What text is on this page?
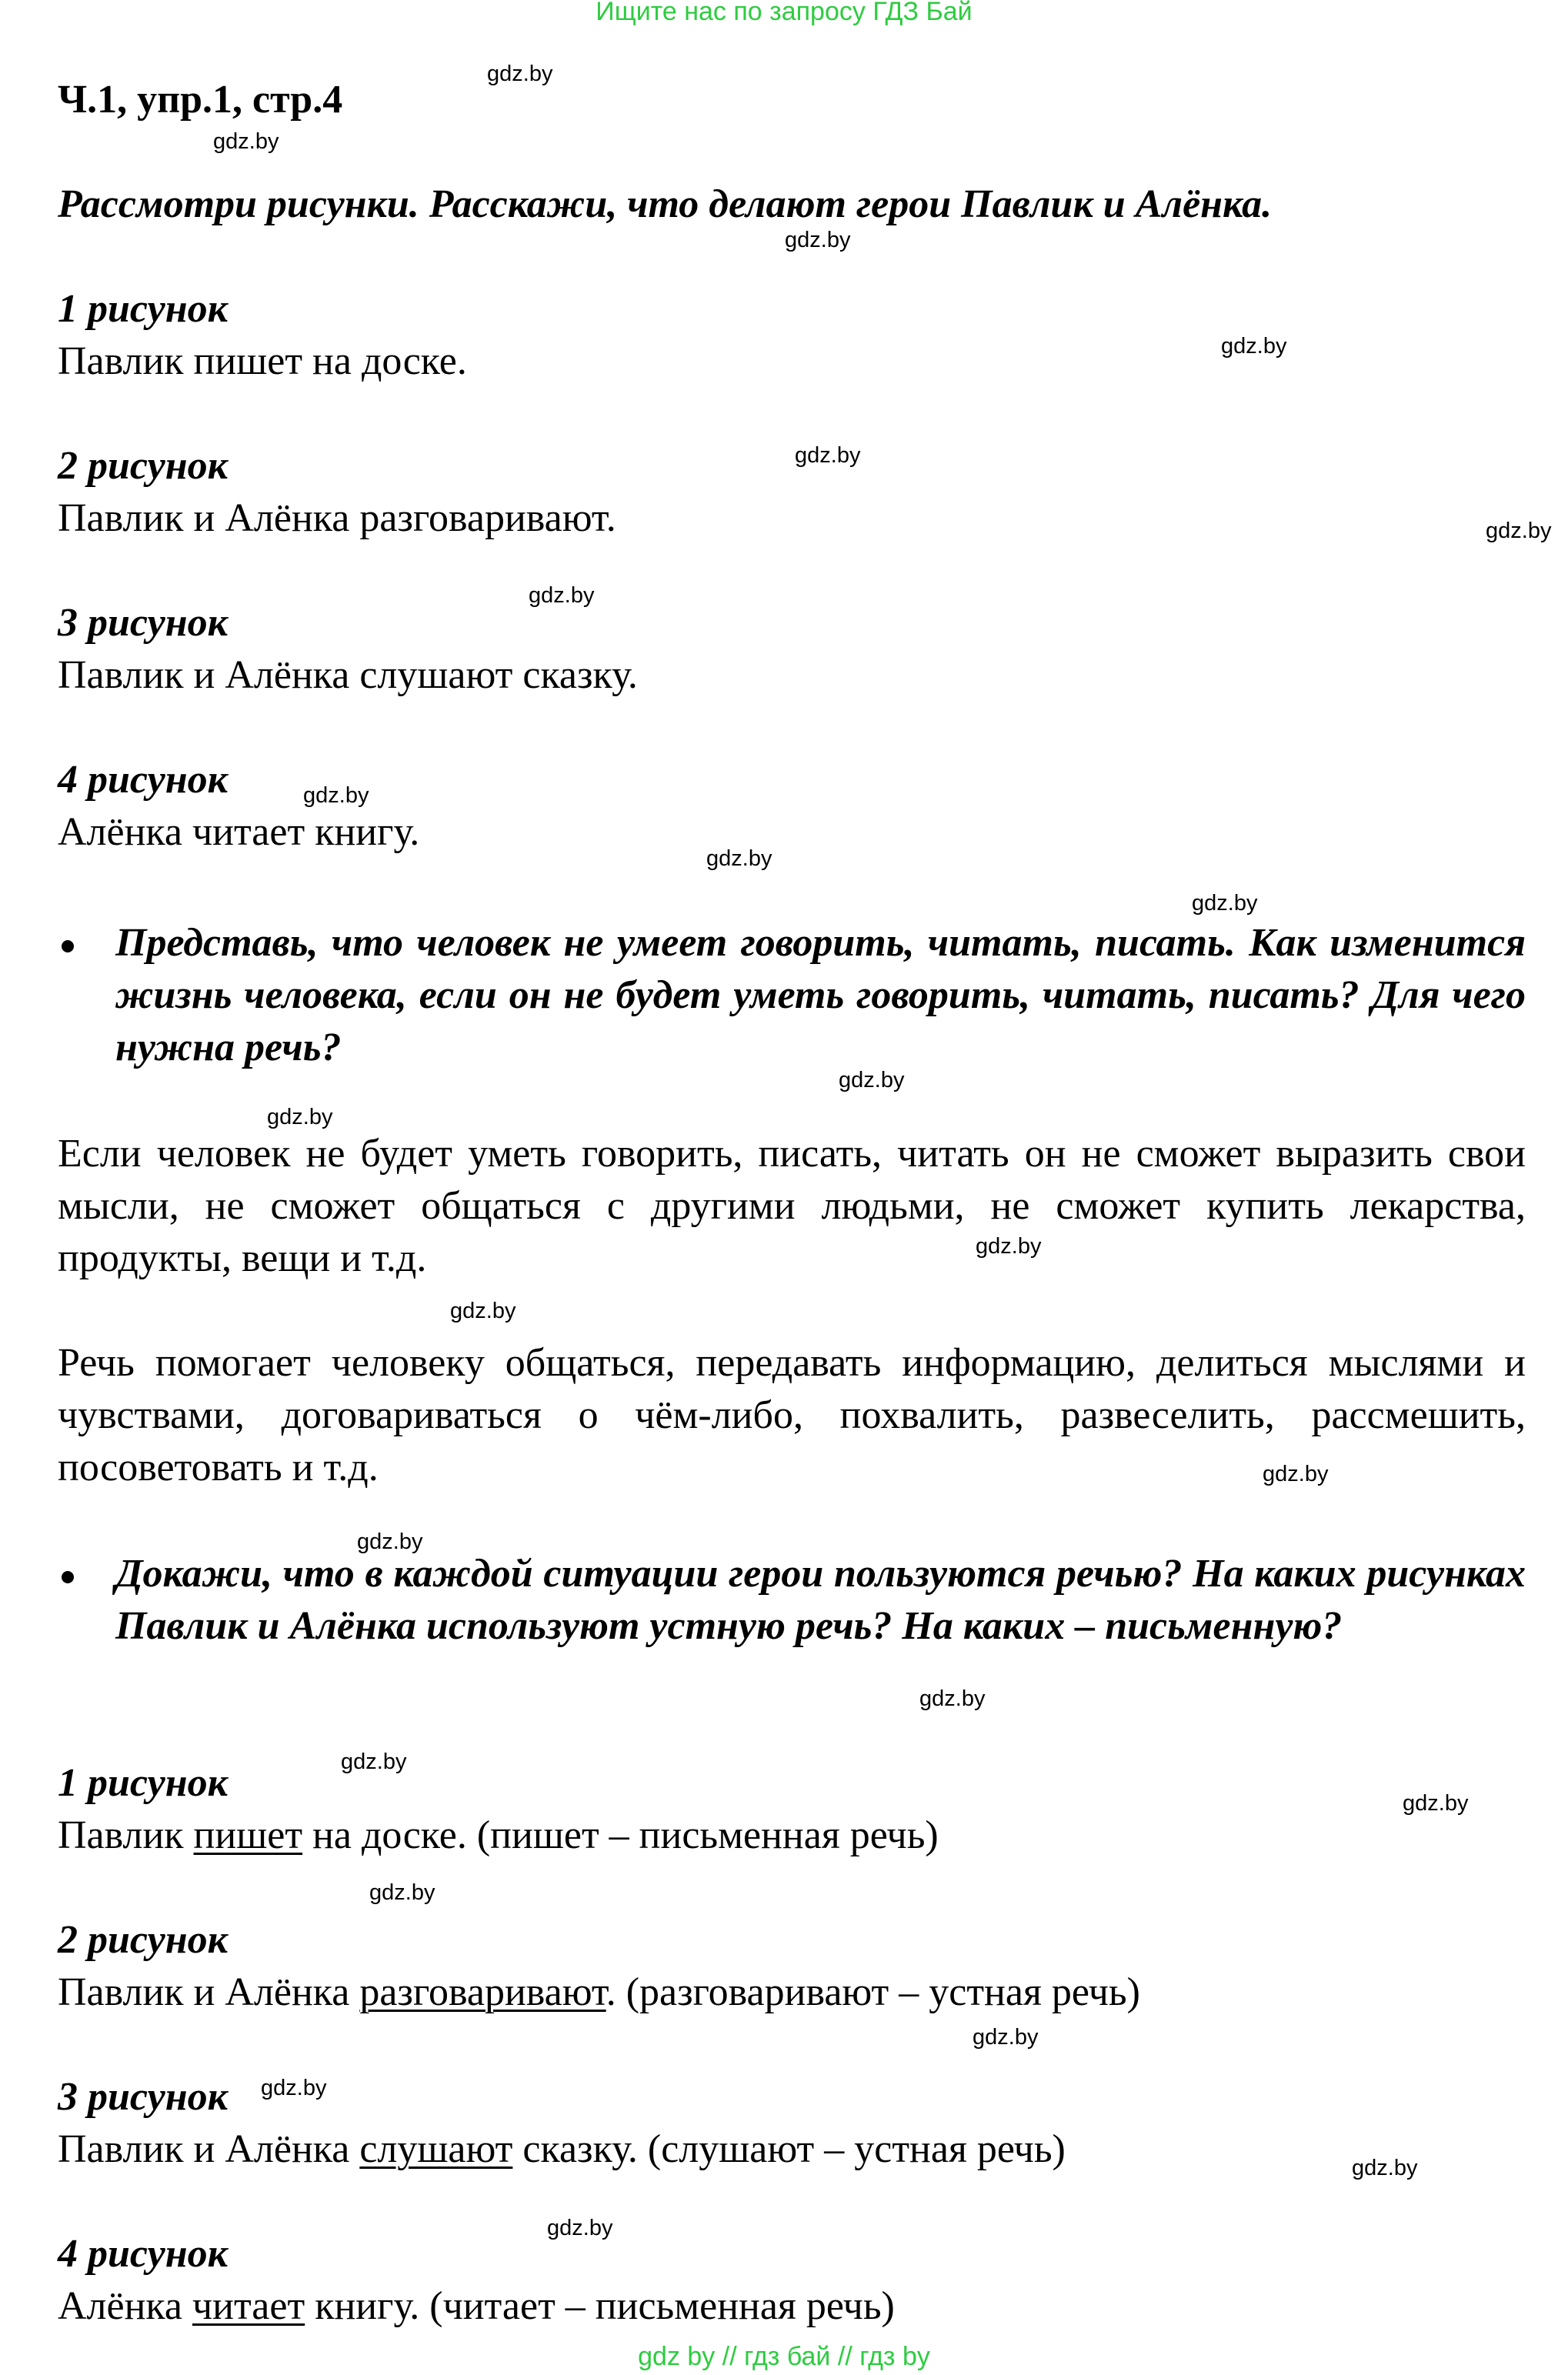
Ищите нас по запросу ГДЗ Бай
Ч.1, упр.1, стр.4
Рассмотри рисунки. Расскажи, что делают герои Павлик и Алёнка.
1 рисунок
Павлик пишет на доске.
2 рисунок
Павлик и Алёнка разговаривают.
3 рисунок
Павлик и Алёнка слушают сказку.
4 рисунок
Алёнка читает книгу.
Представь, что человек не умеет говорить, читать, писать. Как изменится жизнь человека, если он не будет уметь говорить, читать, писать? Для чего нужна речь?
Если человек не будет уметь говорить, писать, читать он не сможет выразить свои мысли, не сможет общаться с другими людьми, не сможет купить лекарства, продукты, вещи и т.д.
Речь помогает человеку общаться, передавать информацию, делиться мыслями и чувствами, договариваться о чём-либо, похвалить, развеселить, рассмешить, посоветовать и т.д.
Докажи, что в каждой ситуации герои пользуются речью? На каких рисунках Павлик и Алёнка используют устную речь? На каких – письменную?
1 рисунок
Павлик пишет на доске. (пишет – письменная речь)
2 рисунок
Павлик и Алёнка разговаривают. (разговаривают – устная речь)
3 рисунок
Павлик и Алёнка слушают сказку. (слушают – устная речь)
4 рисунок
Алёнка читает книгу. (читает – письменная речь)
gdz.by
gdz.by
gdz.by
gdz.by
gdz.by
gdz.by
gdz.by
gdz.by
gdz.by
gdz.by
gdz.by
gdz.by
gdz.by
gdz.by
gdz.by
gdz.by
gdz.by
gdz.by
gdz.by
gdz.by
gdz.by
gdz.by
gdz.by
gdz.by
gdz by // гдз бай // гдз by
